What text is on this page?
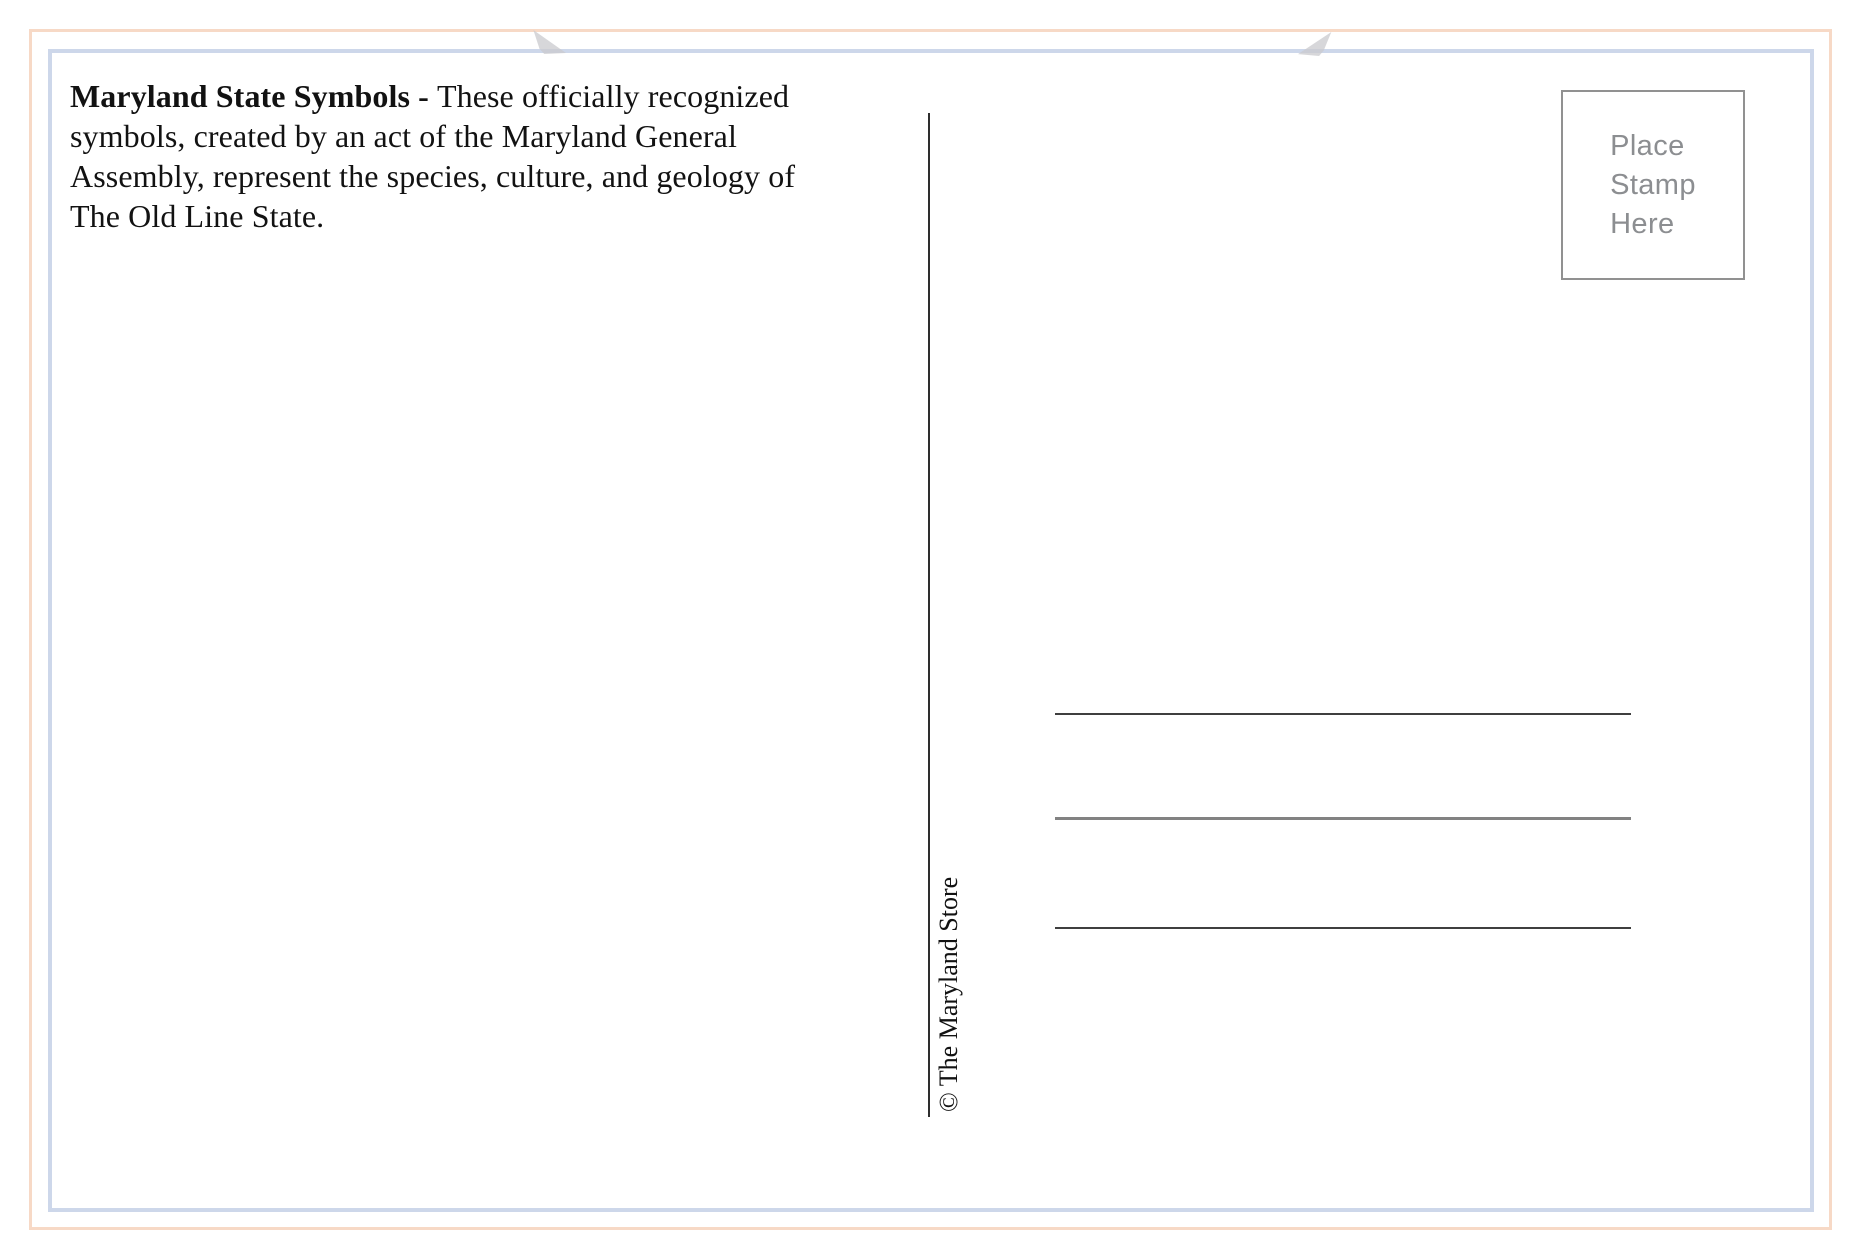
Maryland State Symbols - These officially recognized
symbols, created by an act of the Maryland General
Assembly, represent the species, culture, and geology of
The Old Line State.
Place
Stamp
Here
© The Maryland Store
